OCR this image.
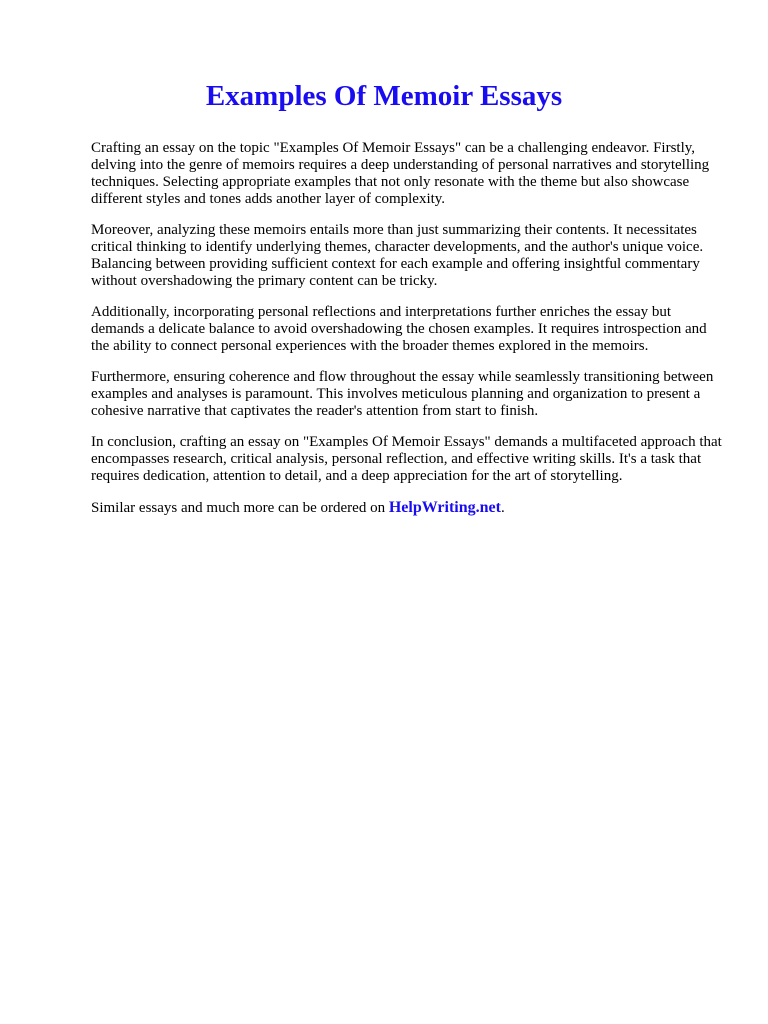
Examples Of Memoir Essays

Crafting an essay on the topic "Examples Of Memoir Essays" can be a challenging endeavor. Firstly, delving into the genre of memoirs requires a deep understanding of personal narratives and storytelling techniques. Selecting appropriate examples that not only resonate with the theme but also showcase different styles and tones adds another layer of complexity.

Moreover, analyzing these memoirs entails more than just summarizing their contents. It necessitates critical thinking to identify underlying themes, character developments, and the author's unique voice. Balancing between providing sufficient context for each example and offering insightful commentary without overshadowing the primary content can be tricky.

Additionally, incorporating personal reflections and interpretations further enriches the essay but demands a delicate balance to avoid overshadowing the chosen examples. It requires introspection and the ability to connect personal experiences with the broader themes explored in the memoirs.

Furthermore, ensuring coherence and flow throughout the essay while seamlessly transitioning between examples and analyses is paramount. This involves meticulous planning and organization to present a cohesive narrative that captivates the reader's attention from start to finish.

In conclusion, crafting an essay on "Examples Of Memoir Essays" demands a multifaceted approach that encompasses research, critical analysis, personal reflection, and effective writing skills. It's a task that requires dedication, attention to detail, and a deep appreciation for the art of storytelling.

Similar essays and much more can be ordered on HelpWriting.net.
